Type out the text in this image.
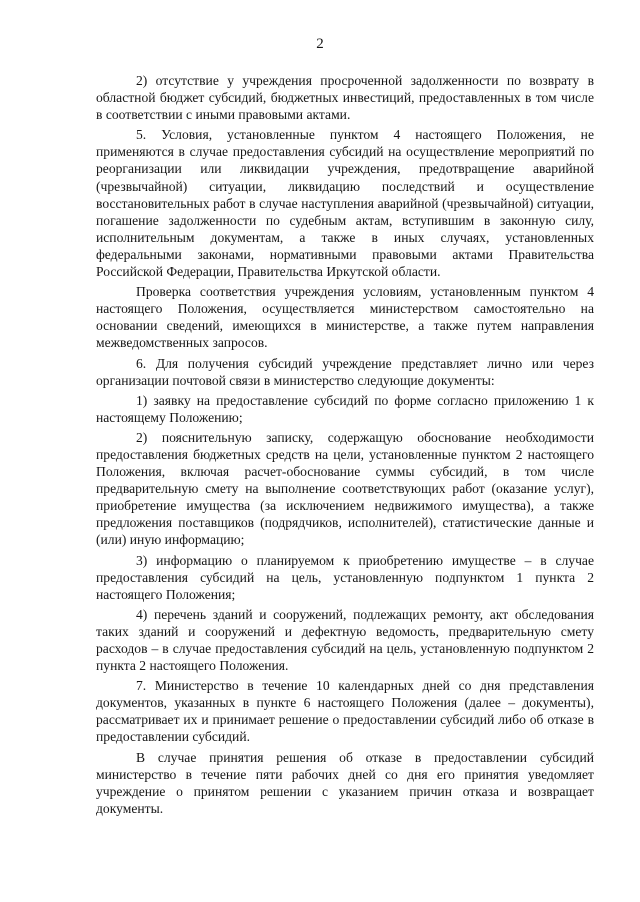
2

2) отсутствие у учреждения просроченной задолженности по возврату в областной бюджет субсидий, бюджетных инвестиций, предоставленных в том числе в соответствии с иными правовыми актами.

5. Условия, установленные пунктом 4 настоящего Положения, не применяются в случае предоставления субсидий на осуществление мероприятий по реорганизации или ликвидации учреждения, предотвращение аварийной (чрезвычайной) ситуации, ликвидацию последствий и осуществление восстановительных работ в случае наступления аварийной (чрезвычайной) ситуации, погашение задолженности по судебным актам, вступившим в законную силу, исполнительным документам, а также в иных случаях, установленных федеральными законами, нормативными правовыми актами Правительства Российской Федерации, Правительства Иркутской области.

Проверка соответствия учреждения условиям, установленным пунктом 4 настоящего Положения, осуществляется министерством самостоятельно на основании сведений, имеющихся в министерстве, а также путем направления межведомственных запросов.

6. Для получения субсидий учреждение представляет лично или через организации почтовой связи в министерство следующие документы:

1) заявку на предоставление субсидий по форме согласно приложению 1 к настоящему Положению;

2) пояснительную записку, содержащую обоснование необходимости предоставления бюджетных средств на цели, установленные пунктом 2 настоящего Положения, включая расчет-обоснование суммы субсидий, в том числе предварительную смету на выполнение соответствующих работ (оказание услуг), приобретение имущества (за исключением недвижимого имущества), а также предложения поставщиков (подрядчиков, исполнителей), статистические данные и (или) иную информацию;

3) информацию о планируемом к приобретению имуществе – в случае предоставления субсидий на цель, установленную подпунктом 1 пункта 2 настоящего Положения;

4) перечень зданий и сооружений, подлежащих ремонту, акт обследования таких зданий и сооружений и дефектную ведомость, предварительную смету расходов – в случае предоставления субсидий на цель, установленную подпунктом 2 пункта 2 настоящего Положения.

7. Министерство в течение 10 календарных дней со дня представления документов, указанных в пункте 6 настоящего Положения (далее – документы), рассматривает их и принимает решение о предоставлении субсидий либо об отказе в предоставлении субсидий.

В случае принятия решения об отказе в предоставлении субсидий министерство в течение пяти рабочих дней со дня его принятия уведомляет учреждение о принятом решении с указанием причин отказа и возвращает документы.
